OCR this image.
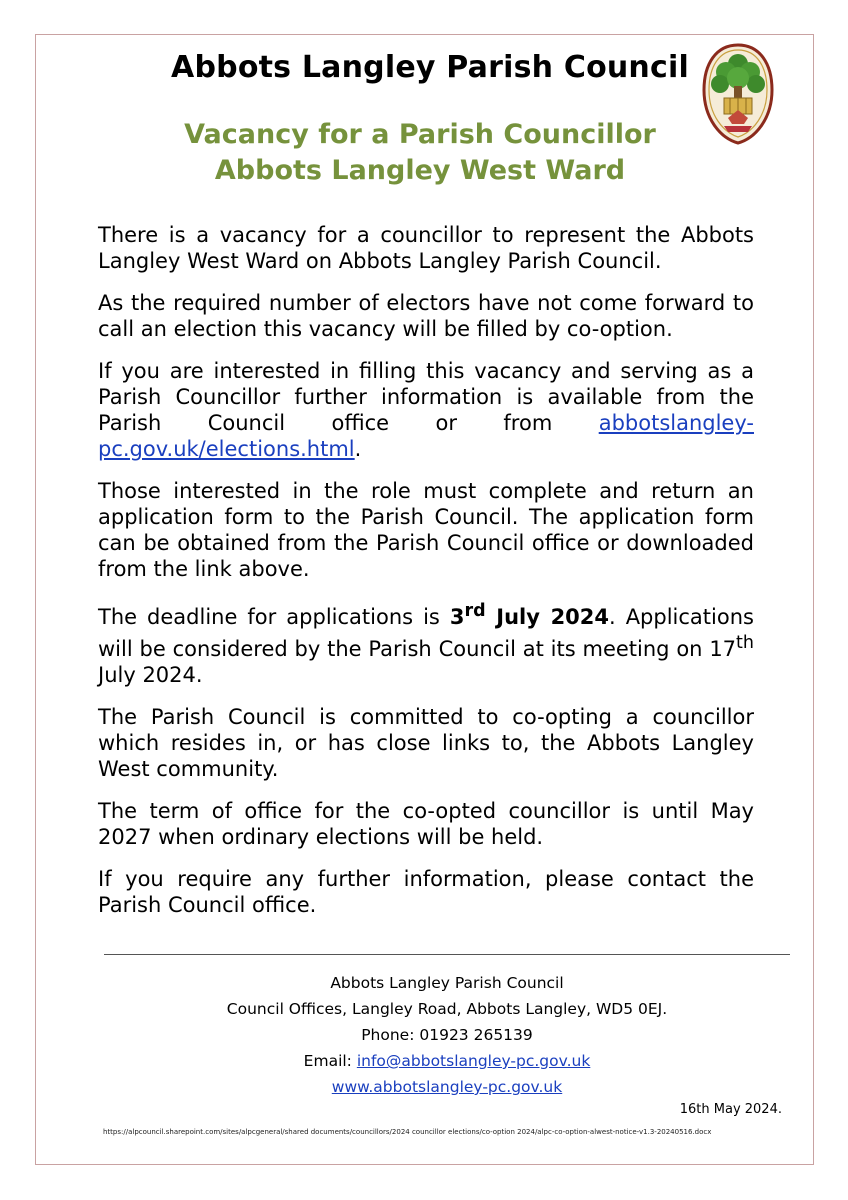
Abbots Langley Parish Council
Vacancy for a Parish Councillor
Abbots Langley West Ward

There is a vacancy for a councillor to represent the Abbots Langley West Ward on Abbots Langley Parish Council.

As the required number of electors have not come forward to call an election this vacancy will be filled by co-option.

If you are interested in filling this vacancy and serving as a Parish Councillor further information is available from the Parish Council office or from abbotslangley-pc.gov.uk/elections.html.

Those interested in the role must complete and return an application form to the Parish Council. The application form can be obtained from the Parish Council office or downloaded from the link above.

The deadline for applications is 3rd July 2024. Applications will be considered by the Parish Council at its meeting on 17th July 2024.

The Parish Council is committed to co-opting a councillor which resides in, or has close links to, the Abbots Langley West community.

The term of office for the co-opted councillor is until May 2027 when ordinary elections will be held.

If you require any further information, please contact the Parish Council office.

Abbots Langley Parish Council
Council Offices, Langley Road, Abbots Langley, WD5 0EJ.
Phone: 01923 265139
Email: info@abbotslangley-pc.gov.uk
www.abbotslangley-pc.gov.uk
16th May 2024.
https://alpcouncil.sharepoint.com/sites/alpcgeneral/shared documents/councillors/2024 councillor elections/co-option 2024/alpc-co-option-alwest-notice-v1.3-20240516.docx
